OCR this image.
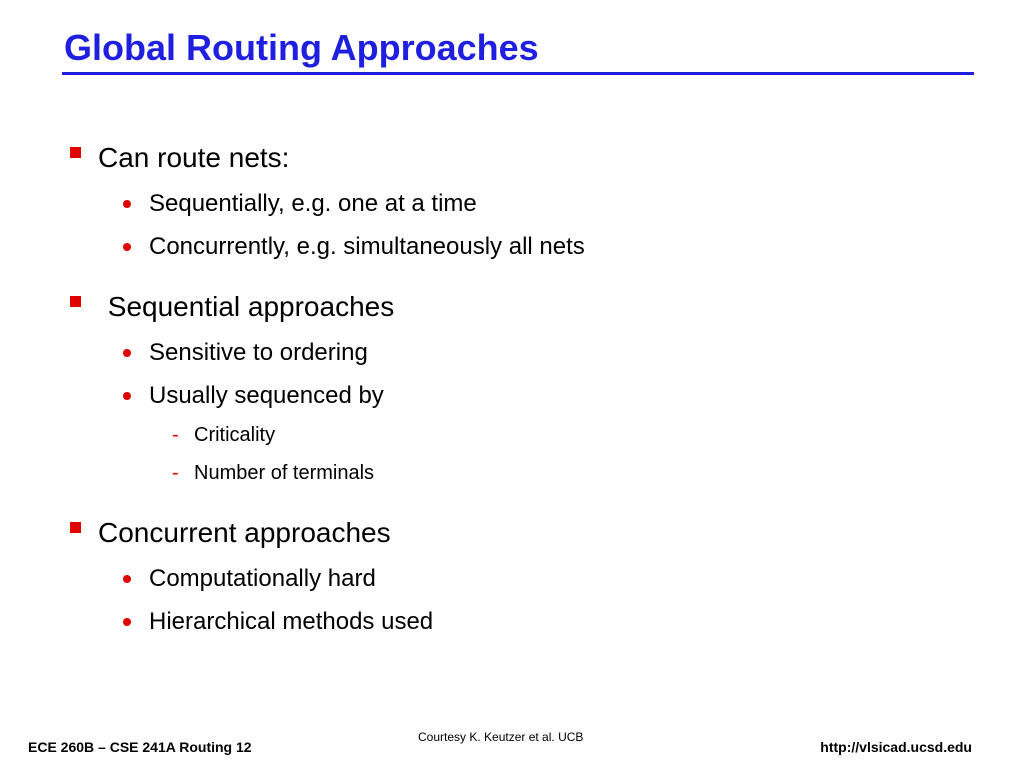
Global Routing Approaches
Can route nets:
Sequentially, e.g. one at a time
Concurrently, e.g. simultaneously all nets
Sequential approaches
Sensitive to ordering
Usually sequenced by
- Criticality
- Number of terminals
Concurrent approaches
Computationally hard
Hierarchical methods used
ECE 260B – CSE 241A Routing 12
Courtesy K. Keutzer et al. UCB
http://vlsicad.ucsd.edu
